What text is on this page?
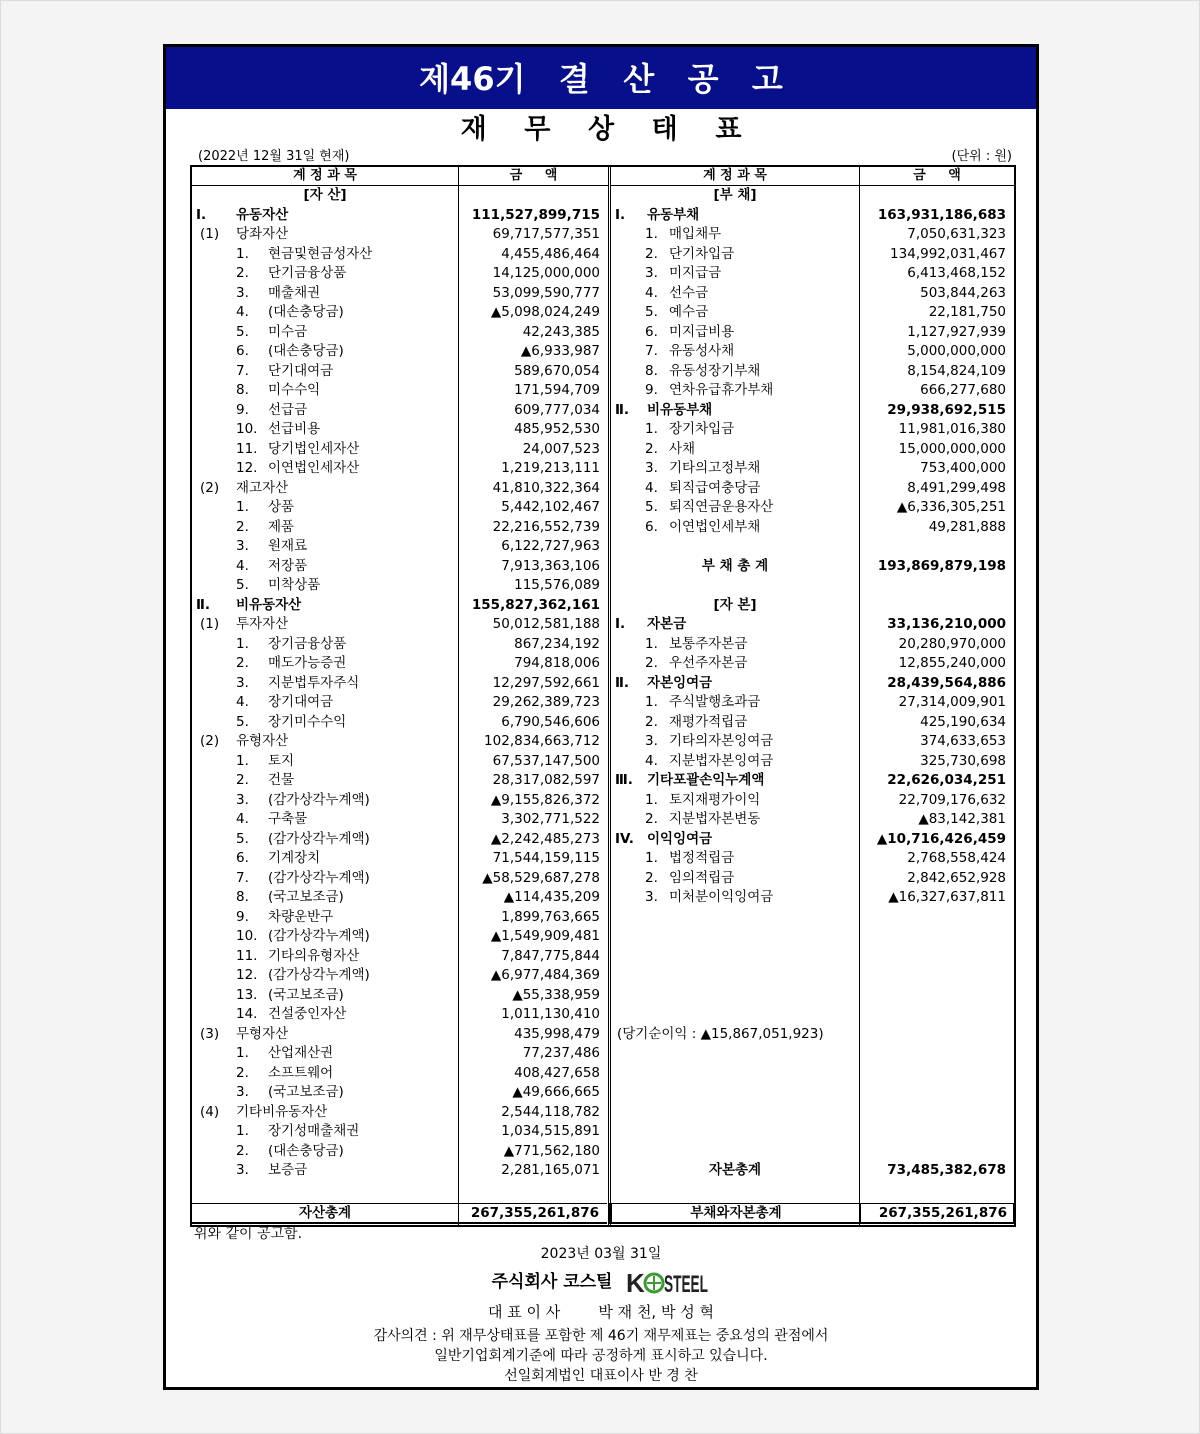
제46기   결   산   공   고
재    무    상    태    표
(2022년 12월 31일 현재)	(단위 : 원)
계 정 과 목	금     액
[자 산]
Ⅰ. 유동자산	111,527,899,715
(1) 당좌자산	69,717,577,351
1. 현금및현금성자산	4,455,486,464
2. 단기금융상품	14,125,000,000
3. 매출채권	53,099,590,777
4. (대손충당금)	▲5,098,024,249
5. 미수금	42,243,385
6. (대손충당금)	▲6,933,987
7. 단기대여금	589,670,054
8. 미수수익	171,594,709
9. 선급금	609,777,034
10. 선급비용	485,952,530
11. 당기법인세자산	24,007,523
12. 이연법인세자산	1,219,213,111
(2) 재고자산	41,810,322,364
1. 상품	5,442,102,467
2. 제품	22,216,552,739
3. 원재료	6,122,727,963
4. 저장품	7,913,363,106
5. 미착상품	115,576,089
Ⅱ. 비유동자산	155,827,362,161
(1) 투자자산	50,012,581,188
1. 장기금융상품	867,234,192
2. 매도가능증권	794,818,006
3. 지분법투자주식	12,297,592,661
4. 장기대여금	29,262,389,723
5. 장기미수수익	6,790,546,606
(2) 유형자산	102,834,663,712
1. 토지	67,537,147,500
2. 건물	28,317,082,597
3. (감가상각누계액)	▲9,155,826,372
4. 구축물	3,302,771,522
5. (감가상각누계액)	▲2,242,485,273
6. 기계장치	71,544,159,115
7. (감가상각누계액)	▲58,529,687,278
8. (국고보조금)	▲114,435,209
9. 차량운반구	1,899,763,665
10. (감가상각누계액)	▲1,549,909,481
11. 기타의유형자산	7,847,775,844
12. (감가상각누계액)	▲6,977,484,369
13. (국고보조금)	▲55,338,959
14. 건설중인자산	1,011,130,410
(3) 무형자산	435,998,479
1. 산업재산권	77,237,486
2. 소프트웨어	408,427,658
3. (국고보조금)	▲49,666,665
(4) 기타비유동자산	2,544,118,782
1. 장기성매출채권	1,034,515,891
2. (대손충당금)	▲771,562,180
3. 보증금	2,281,165,071
계 정 과 목	금     액
[부 채]
Ⅰ. 유동부채	163,931,186,683
1. 매입채무	7,050,631,323
2. 단기차입금	134,992,031,467
3. 미지급금	6,413,468,152
4. 선수금	503,844,263
5. 예수금	22,181,750
6. 미지급비용	1,127,927,939
7. 유동성사채	5,000,000,000
8. 유동성장기부채	8,154,824,109
9. 연차유급휴가부채	666,277,680
Ⅱ. 비유동부채	29,938,692,515
1. 장기차입금	11,981,016,380
2. 사채	15,000,000,000
3. 기타의고정부채	753,400,000
4. 퇴직급여충당금	8,491,299,498
5. 퇴직연금운용자산	▲6,336,305,251
6. 이연법인세부채	49,281,888
부 채 총 계	193,869,879,198
[자 본]
Ⅰ. 자본금	33,136,210,000
1. 보통주자본금	20,280,970,000
2. 우선주자본금	12,855,240,000
Ⅱ. 자본잉여금	28,439,564,886
1. 주식발행초과금	27,314,009,901
2. 재평가적립금	425,190,634
3. 기타의자본잉여금	374,633,653
4. 지분법자본잉여금	325,730,698
Ⅲ. 기타포괄손익누계액	22,626,034,251
1. 토지재평가이익	22,709,176,632
2. 지분법자본변동	▲83,142,381
IV. 이익잉여금	▲10,716,426,459
1. 법정적립금	2,768,558,424
2. 임의적립금	2,842,652,928
3. 미처분이익잉여금	▲16,327,637,811
(당기순이익 : ▲15,867,051,923)
자본총계	73,485,382,678
자산총계	267,355,261,876	부채와자본총계	267,355,261,876
위와 같이 공고함.
2023년 03월 31일
주식회사 코스틸 K STEEL
대 표 이 사	박 재 천, 박 성 혁
감사의견 : 위 재무상태표를 포함한 제 46기 재무제표는 중요성의 관점에서
일반기업회계기준에 따라 공정하게 표시하고 있습니다.
선일회계법인 대표이사 반 경 찬
